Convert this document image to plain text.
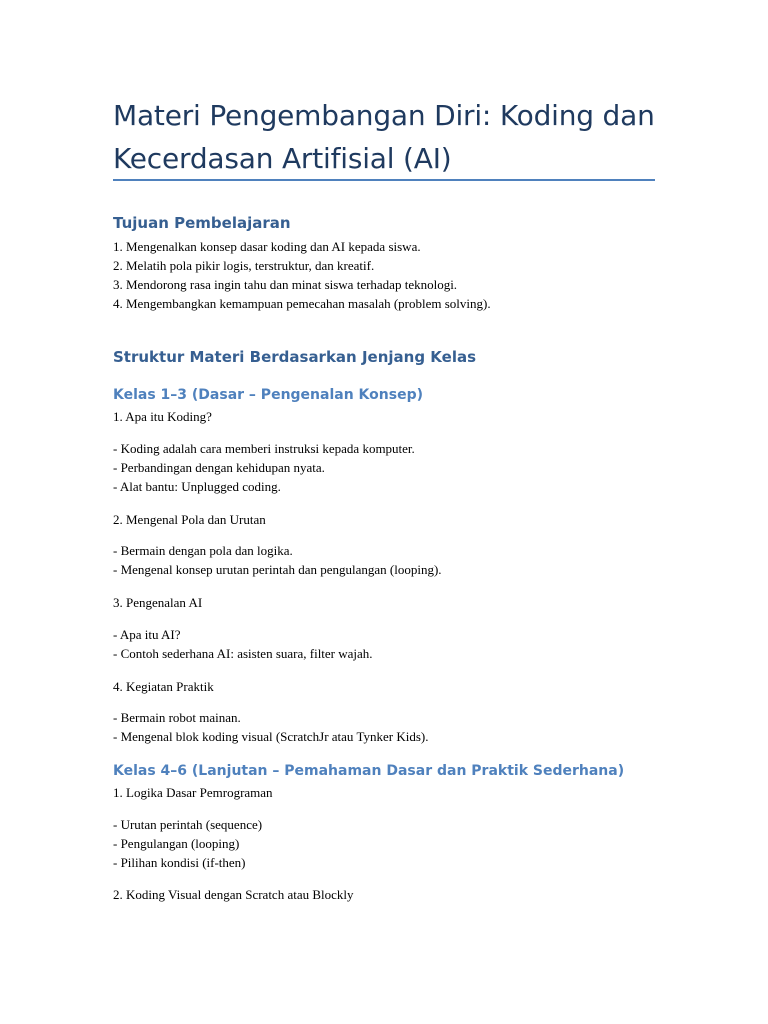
Materi Pengembangan Diri: Koding dan Kecerdasan Artifisial (AI)
Tujuan Pembelajaran
1. Mengenalkan konsep dasar koding dan AI kepada siswa.
2. Melatih pola pikir logis, terstruktur, dan kreatif.
3. Mendorong rasa ingin tahu dan minat siswa terhadap teknologi.
4. Mengembangkan kemampuan pemecahan masalah (problem solving).
Struktur Materi Berdasarkan Jenjang Kelas
Kelas 1–3 (Dasar – Pengenalan Konsep)

1. Apa itu Koding?

- Koding adalah cara memberi instruksi kepada komputer.
- Perbandingan dengan kehidupan nyata.
- Alat bantu: Unplugged coding.

2. Mengenal Pola dan Urutan

- Bermain dengan pola dan logika.
- Mengenal konsep urutan perintah dan pengulangan (looping).

3. Pengenalan AI

- Apa itu AI?
- Contoh sederhana AI: asisten suara, filter wajah.

4. Kegiatan Praktik

- Bermain robot mainan.
- Mengenal blok koding visual (ScratchJr atau Tynker Kids).
Kelas 4–6 (Lanjutan – Pemahaman Dasar dan Praktik Sederhana)

1. Logika Dasar Pemrograman

- Urutan perintah (sequence)
- Pengulangan (looping)
- Pilihan kondisi (if-then)

2. Koding Visual dengan Scratch atau Blockly
